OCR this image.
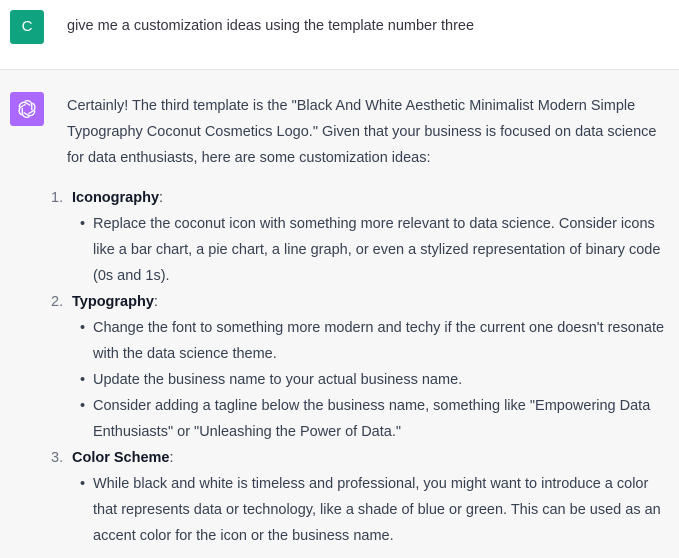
C	give me a customization ideas using the template number three

Certainly! The third template is the "Black And White Aesthetic Minimalist Modern Simple Typography Coconut Cosmetics Logo." Given that your business is focused on data science for data enthusiasts, here are some customization ideas:

1. Iconography:
• Replace the coconut icon with something more relevant to data science. Consider icons like a bar chart, a pie chart, a line graph, or even a stylized representation of binary code (0s and 1s).
2. Typography:
• Change the font to something more modern and techy if the current one doesn't resonate with the data science theme.
• Update the business name to your actual business name.
• Consider adding a tagline below the business name, something like "Empowering Data Enthusiasts" or "Unleashing the Power of Data."
3. Color Scheme:
• While black and white is timeless and professional, you might want to introduce a color that represents data or technology, like a shade of blue or green. This can be used as an accent color for the icon or the business name.
